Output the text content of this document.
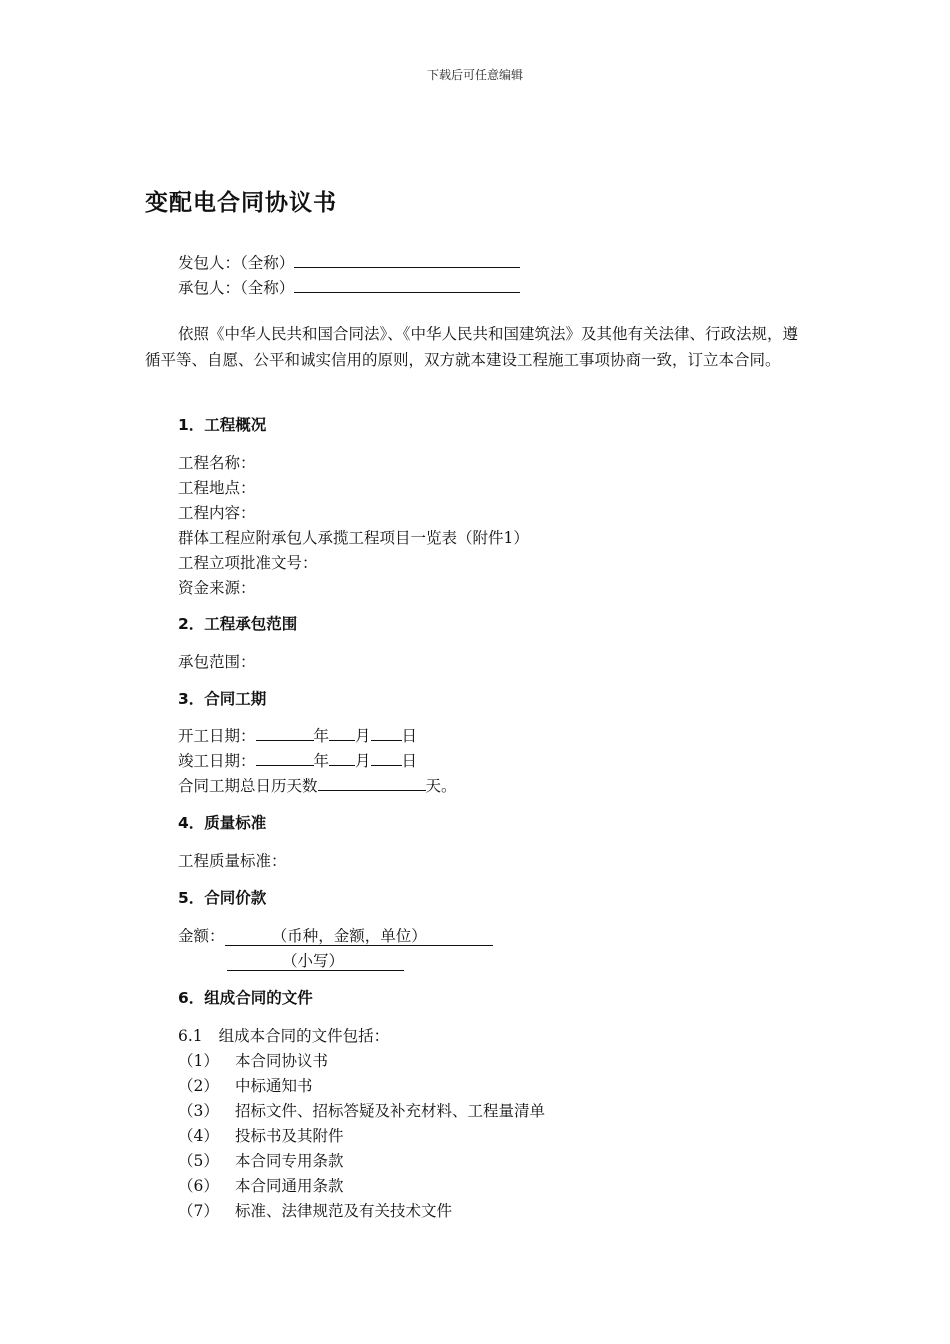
下载后可任意编辑
变配电合同协议书
发包人：（全称）
承包人：（全称）
依照《中华人民共和国合同法》、《中华人民共和国建筑法》及其他有关法律、行政法规，遵循平等、自愿、公平和诚实信用的原则，双方就本建设工程施工事项协商一致，订立本合同。
1．工程概况
工程名称：
工程地点：
工程内容：
群体工程应附承包人承揽工程项目一览表（附件1）
工程立项批准文号：
资金来源：
2．工程承包范围
承包范围：
3．合同工期
开工日期：	年 月 日
竣工日期：	年 月 日
合同工期总日历天数	天。
4．质量标准
工程质量标准：
5．合同价款
金额：	（币种，金额，单位）
（小写）
6．组成合同的文件
6.1 组成本合同的文件包括：
（1） 本合同协议书
（2） 中标通知书
（3） 招标文件、招标答疑及补充材料、工程量清单
（4） 投标书及其附件
（5） 本合同专用条款
（6） 本合同通用条款
（7） 标准、法律规范及有关技术文件
